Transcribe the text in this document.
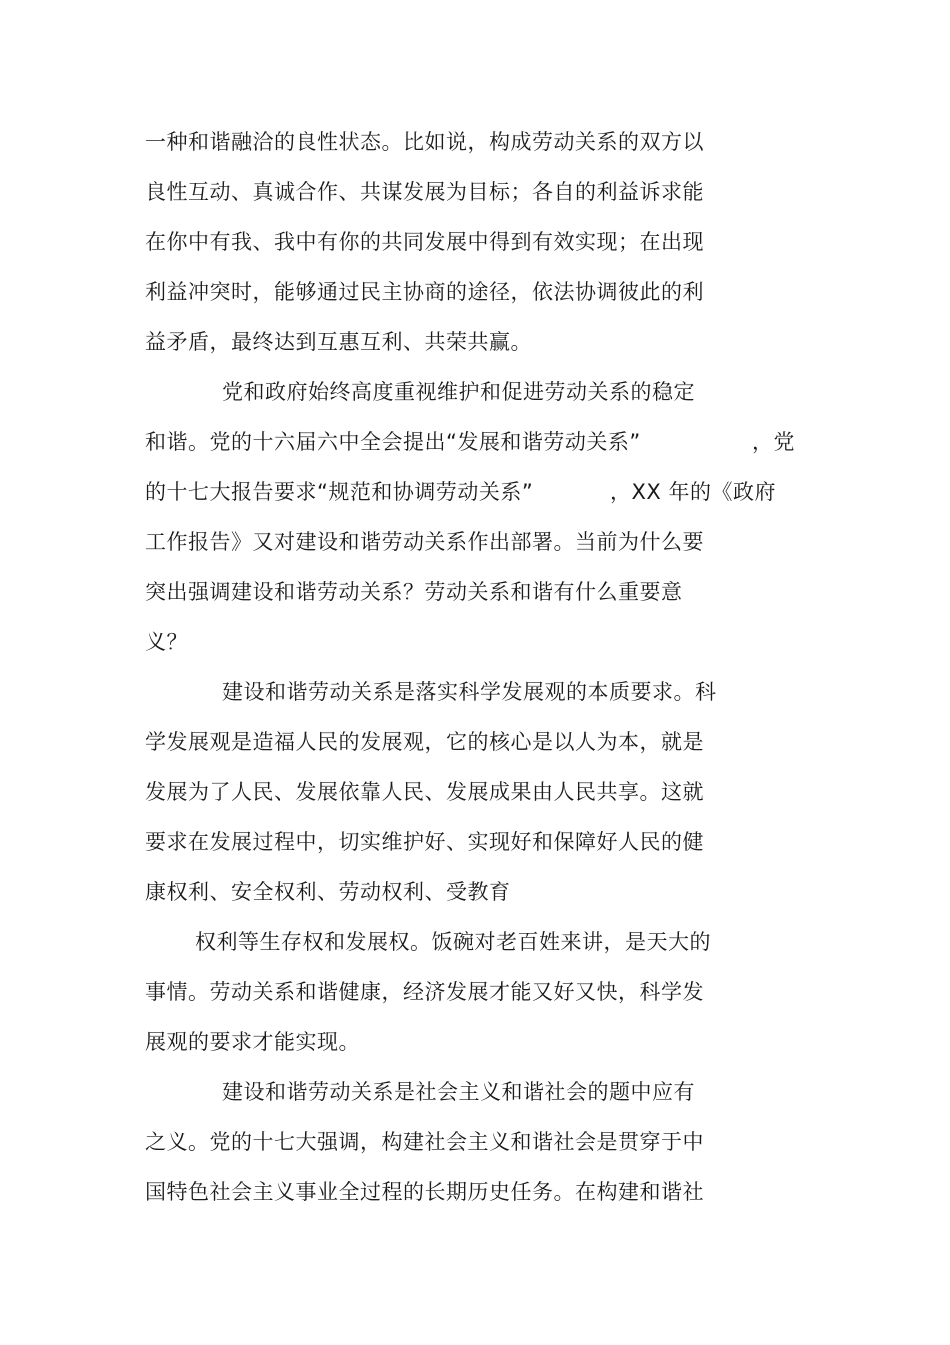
一种和谐融洽的良性状态。比如说，构成劳动关系的双方以
良性互动、真诚合作、共谋发展为目标；各自的利益诉求能
在你中有我、我中有你的共同发展中得到有效实现；在出现
利益冲突时，能够通过民主协商的途径，依法协调彼此的利
益矛盾，最终达到互惠互利、共荣共赢。
党和政府始终高度重视维护和促进劳动关系的稳定
和谐。党的十六届六中全会提出“发展和谐劳动关系”	，党
的十七大报告要求“规范和协调劳动关系”	，XX 年的《政府
工作报告》又对建设和谐劳动关系作出部署。当前为什么要
突出强调建设和谐劳动关系？劳动关系和谐有什么重要意
义？
建设和谐劳动关系是落实科学发展观的本质要求。科
学发展观是造福人民的发展观，它的核心是以人为本，就是
发展为了人民、发展依靠人民、发展成果由人民共享。这就
要求在发展过程中，切实维护好、实现好和保障好人民的健
康权利、安全权利、劳动权利、受教育
权利等生存权和发展权。饭碗对老百姓来讲，是天大的
事情。劳动关系和谐健康，经济发展才能又好又快，科学发
展观的要求才能实现。
建设和谐劳动关系是社会主义和谐社会的题中应有
之义。党的十七大强调，构建社会主义和谐社会是贯穿于中
国特色社会主义事业全过程的长期历史任务。在构建和谐社
